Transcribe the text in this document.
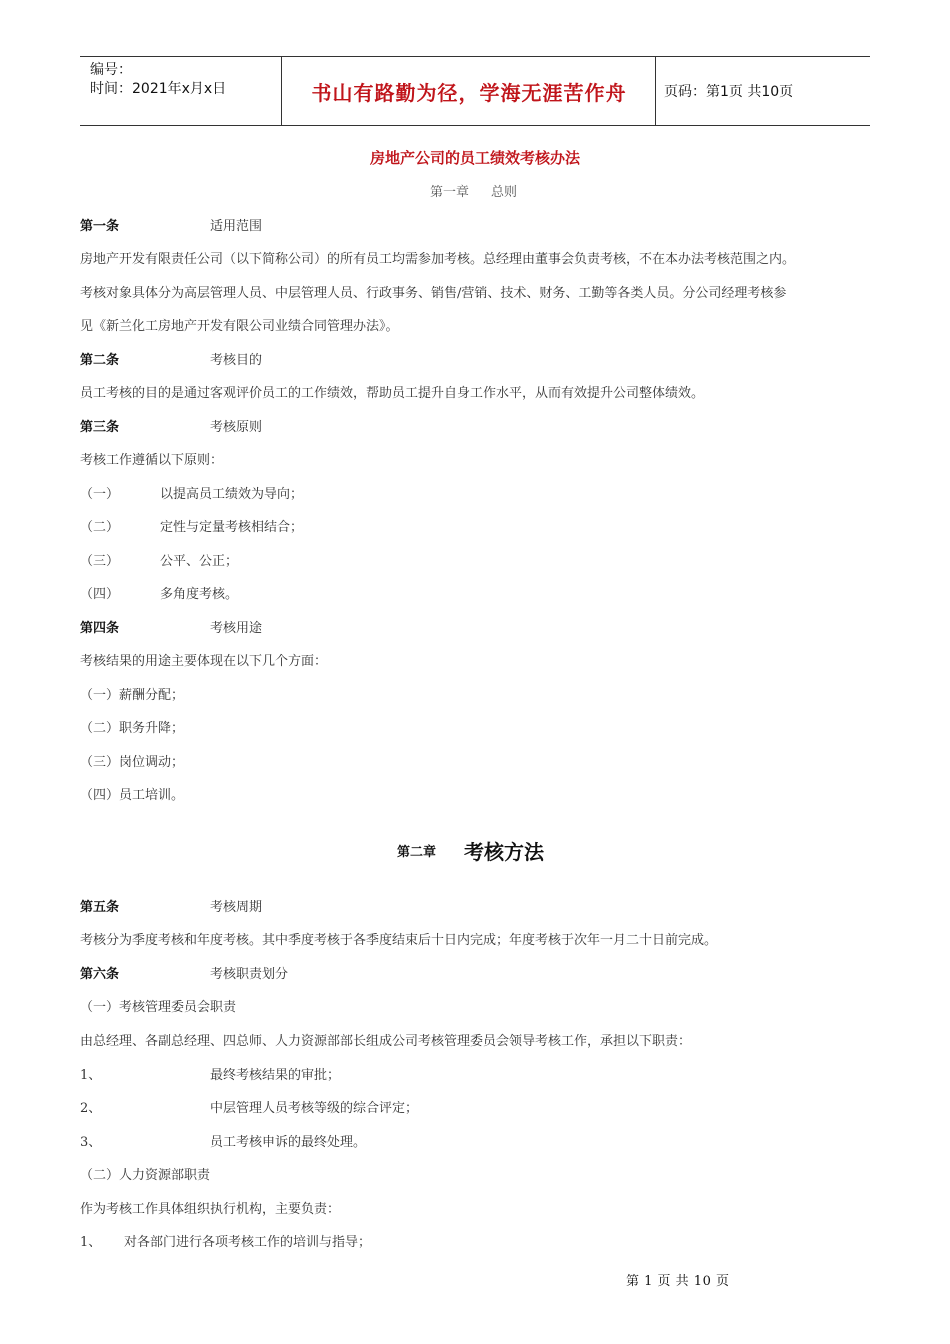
编号：
时间：2021年x月x日	书山有路勤为径，学海无涯苦作舟	页码：第1页 共10页
房地产公司的员工绩效考核办法
第一章 总则
第一条	适用范围
房地产开发有限责任公司（以下简称公司）的所有员工均需参加考核。总经理由董事会负责考核，不在本办法考核范围之内。
考核对象具体分为高层管理人员、中层管理人员、行政事务、销售/营销、技术、财务、工勤等各类人员。分公司经理考核参
见《新兰化工房地产开发有限公司业绩合同管理办法》。
第二条	考核目的
员工考核的目的是通过客观评价员工的工作绩效，帮助员工提升自身工作水平，从而有效提升公司整体绩效。
第三条	考核原则
考核工作遵循以下原则：
（一）	以提高员工绩效为导向；
（二）	定性与定量考核相结合；
（三）	公平、公正；
（四）	多角度考核。
第四条	考核用途
考核结果的用途主要体现在以下几个方面：
（一）薪酬分配；
（二）职务升降；
（三）岗位调动；
（四）员工培训。
第二章 考核方法
第五条	考核周期
考核分为季度考核和年度考核。其中季度考核于各季度结束后十日内完成；年度考核于次年一月二十日前完成。
第六条	考核职责划分
（一）考核管理委员会职责
由总经理、各副总经理、四总师、人力资源部部长组成公司考核管理委员会领导考核工作，承担以下职责：
1、	最终考核结果的审批；
2、	中层管理人员考核等级的综合评定；
3、	员工考核申诉的最终处理。
（二）人力资源部职责
作为考核工作具体组织执行机构，主要负责：
1、 对各部门进行各项考核工作的培训与指导；
第 1 页 共 10 页
